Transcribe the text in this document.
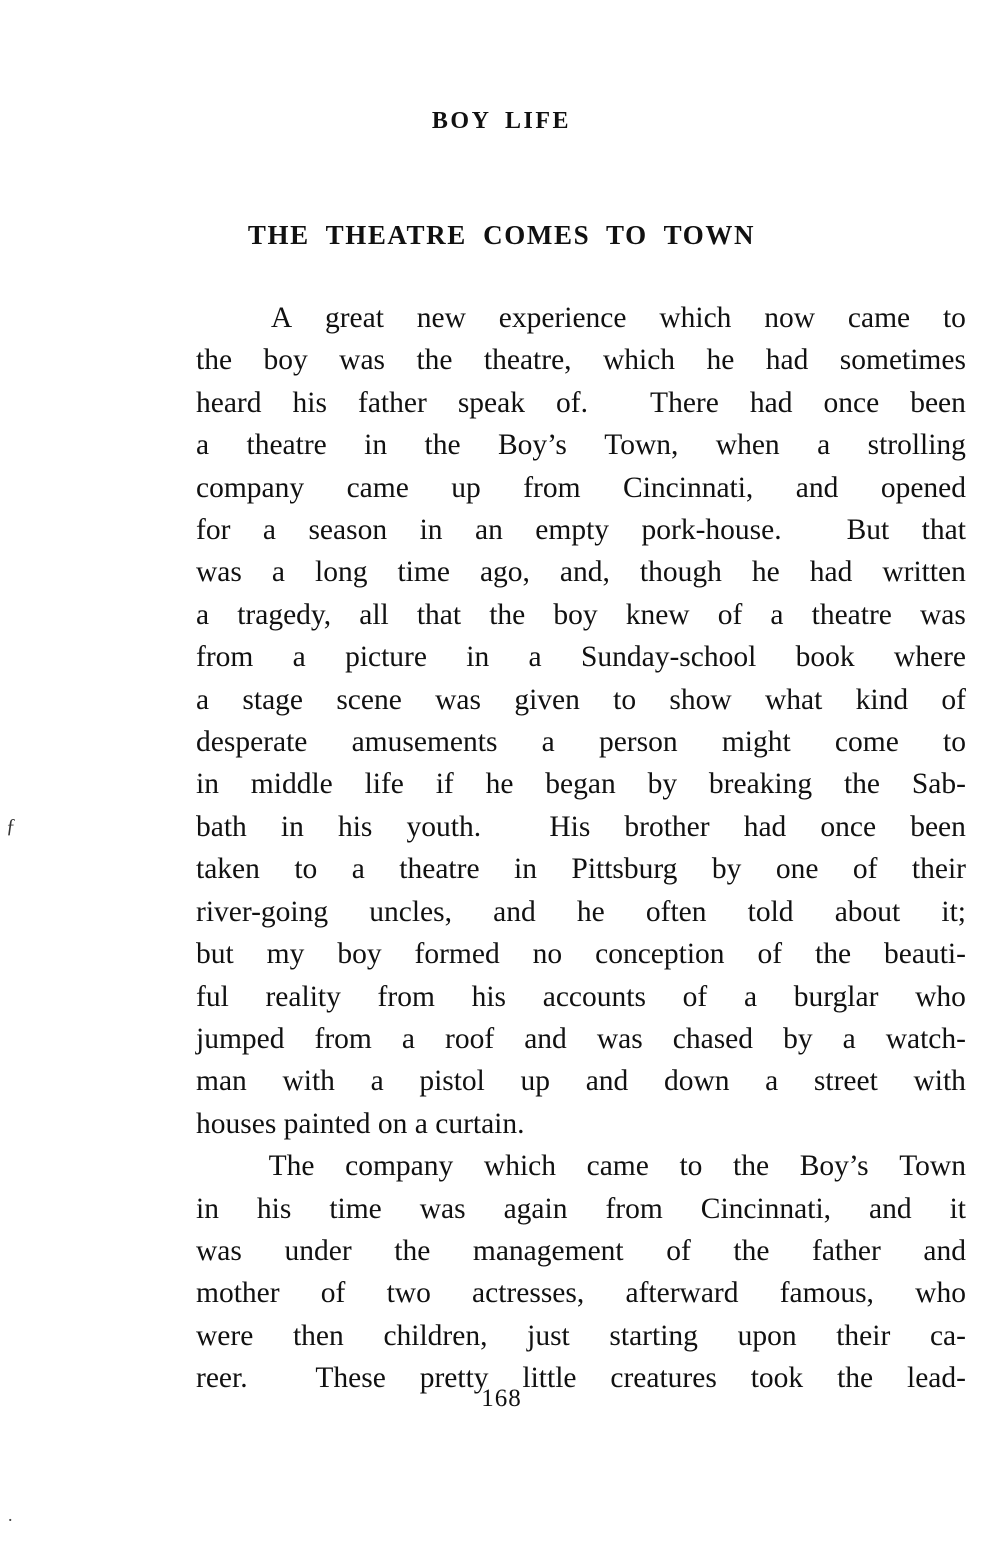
BOY LIFE
THE THEATRE COMES TO TOWN
A great new experience which now came to
the boy was the theatre, which he had sometimes
heard his father speak of. There had once been
a theatre in the Boy’s Town, when a strolling
company came up from Cincinnati, and opened
for a season in an empty pork-house. But that
was a long time ago, and, though he had written
a tragedy, all that the boy knew of a theatre was
from a picture in a Sunday-school book where
a stage scene was given to show what kind of
desperate amusements a person might come to
in middle life if he began by breaking the Sab-
bath in his youth. His brother had once been
taken to a theatre in Pittsburg by one of their
river-going uncles, and he often told about it;
but my boy formed no conception of the beauti-
ful reality from his accounts of a burglar who
jumped from a roof and was chased by a watch-
man with a pistol up and down a street with
houses painted on a curtain.
The company which came to the Boy’s Town
in his time was again from Cincinnati, and it
was under the management of the father and
mother of two actresses, afterward famous, who
were then children, just starting upon their ca-
reer. These pretty little creatures took the lead-
168
ƒ
.
